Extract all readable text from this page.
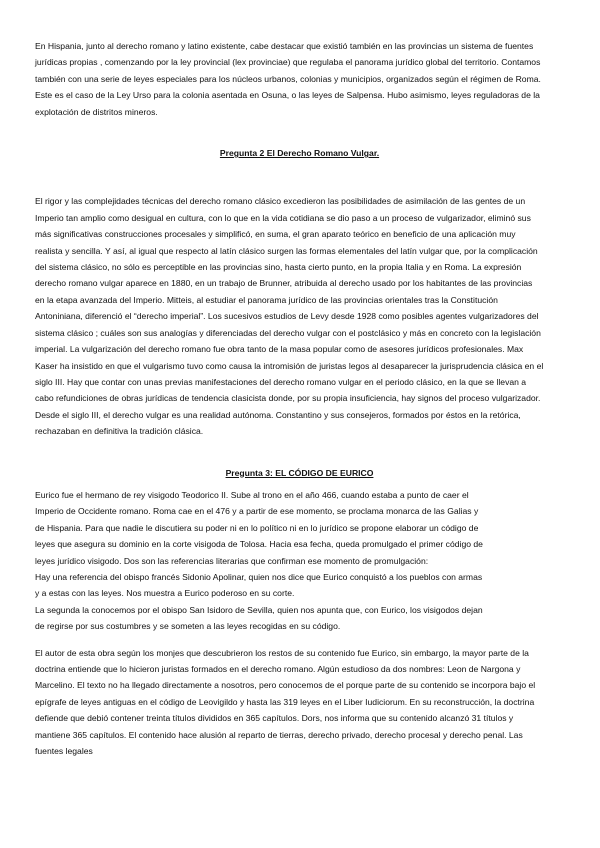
En Hispania, junto al derecho romano y latino existente, cabe destacar que existió también en las provincias un sistema de fuentes jurídicas propias , comenzando por la ley provincial (lex provinciae) que regulaba el panorama jurídico global del territorio. Contamos también con una serie de leyes especiales para los núcleos urbanos, colonias y municipios, organizados según el régimen de Roma. Este es el caso de la Ley Urso para la colonia asentada en Osuna, o las leyes de Salpensa. Hubo asimismo, leyes reguladoras de la explotación de distritos mineros.

Pregunta 2 El Derecho Romano Vulgar.

El rigor y las complejidades técnicas del derecho romano clásico excedieron las posibilidades de asimilación de las gentes de un Imperio tan amplio como desigual en cultura, con lo que en la vida cotidiana se dio paso a un proceso de vulgarizador, eliminó sus más significativas construcciones procesales y simplificó, en suma, el gran aparato teórico en beneficio de una aplicación muy realista y sencilla. Y así, al igual que respecto al latín clásico surgen las formas elementales del latín vulgar que, por la complicación del sistema clásico, no sólo es perceptible en las provincias sino, hasta cierto punto, en la propia Italia y en Roma. La expresión derecho romano vulgar aparece en 1880, en un trabajo de Brunner, atribuida al derecho usado por los habitantes de las provincias en la etapa avanzada del Imperio. Mitteis, al estudiar el panorama jurídico de las provincias orientales tras la Constitución Antoniniana, diferenció el “derecho imperial”. Los sucesivos estudios de Levy desde 1928 como posibles agentes vulgarizadores del sistema clásico ; cuáles son sus analogías y diferenciadas del derecho vulgar con el postclásico y más en concreto con la legislación imperial. La vulgarización del derecho romano fue obra tanto de la masa popular como de asesores jurídicos profesionales. Max Kaser ha insistido en que el vulgarismo tuvo como causa la intromisión de juristas legos al desaparecer la jurisprudencia clásica en el siglo III. Hay que contar con unas previas manifestaciones del derecho romano vulgar en el periodo clásico, en la que se llevan a cabo refundiciones de obras jurídicas de tendencia clasicista donde, por su propia insuficiencia, hay signos del proceso vulgarizador. Desde el siglo III, el derecho vulgar es una realidad autónoma. Constantino y sus consejeros, formados por éstos en la retórica, rechazaban en definitiva la tradición clásica.

Pregunta 3: EL CÓDIGO DE EURICO

Eurico fue el hermano de rey visigodo Teodorico II. Sube al trono en el año 466, cuando estaba a punto de caer el

Imperio de Occidente romano. Roma cae en el 476 y a partir de ese momento, se proclama monarca de las Galias y

de Hispania. Para que nadie le discutiera su poder ni en lo político ni en lo jurídico se propone elaborar un código de

leyes que asegura su dominio en la corte visigoda de Tolosa. Hacia esa fecha, queda promulgado el primer código de

leyes jurídico visigodo. Dos son las referencias literarias que confirman ese momento de promulgación:

Hay una referencia del obispo francés Sidonio Apolinar, quien nos dice que Eurico conquistó a los pueblos con armas

y a estas con las leyes. Nos muestra a Eurico poderoso en su corte.

La segunda la conocemos por el obispo San Isidoro de Sevilla, quien nos apunta que, con Eurico, los visigodos dejan

de regirse por sus costumbres y se someten a las leyes recogidas en su código.

El autor de esta obra según los monjes que descubrieron los restos de su contenido fue Eurico, sin embargo, la mayor parte de la doctrina entiende que lo hicieron juristas formados en el derecho romano. Algún estudioso da dos nombres: Leon de Nargona y Marcelino. El texto no ha llegado directamente a nosotros, pero conocemos de el porque parte de su contenido se incorpora bajo el epígrafe de leyes antiguas en el código de Leovigildo y hasta las 319 leyes en el Liber Iudiciorum. En su reconstrucción, la doctrina defiende que debió contener treinta títulos divididos en 365 capítulos. Dors, nos informa que su contenido alcanzó 31 títulos y mantiene 365 capítulos. El contenido hace alusión al reparto de tierras, derecho privado, derecho procesal y derecho penal. Las fuentes legales
